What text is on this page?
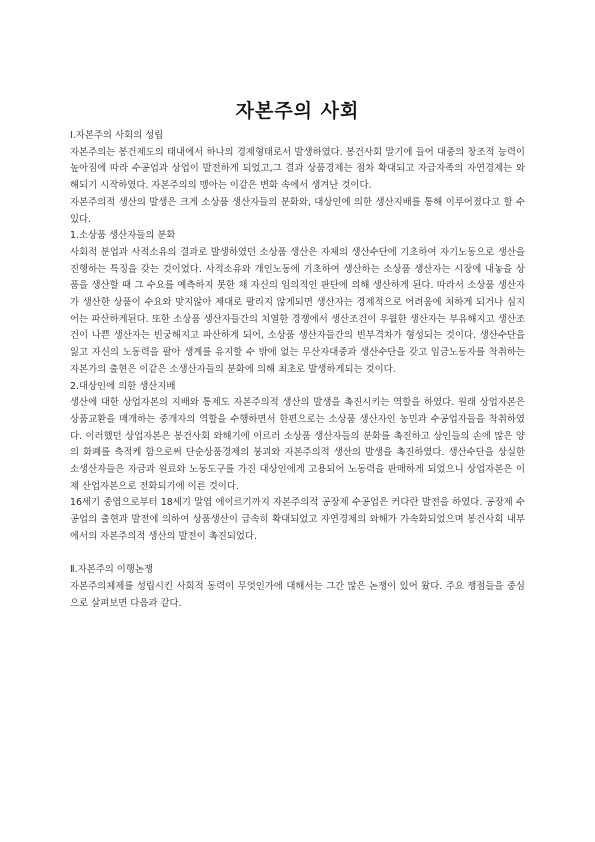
자본주의 사회

Ⅰ.자본주의 사회의 성립

자본주의는 봉건제도의 태내에서 하나의 경제형태로서 발생하였다. 봉건사회 말기에 들어 대중의 창조적 능력이 높아짐에 따라 수공업과 상업이 발전하게 되었고,그 결과 상품경제는 점차 확대되고 자급자족의 자연경제는 와해되기 시작하였다. 자본주의의 맹아는 이같은 변화 속에서 생겨난 것이다.

자본주의적 생산의 발생은 크게 소상품 생산자들의 분화와, 대상인에 의한 생산지배를 통해 이루어졌다고 할 수 있다.

1.소상품 생산자들의 분화

사회적 분업과 사적소유의 결과로 발생하였던 소상품 생산은 자체의 생산수단에 기초하여 자기노동으로 생산을 진행하는 특징을 갖는 것이었다. 사적소유와 개인노동에 기초하여 생산하는 소상품 생산자는 시장에 내놓을 상품을 생산할 때 그 수요를 예측하지 못한 채 자신의 임의적인 판단에 의해 생산하게 된다. 따라서 소상품 생산자가 생산한 상품이 수요와 맞지않아 제대로 팔리지 않게되면 생산자는 경제적으로 어려움에 처하게 되거나 심지어는 파산하게된다. 또한 소상품 생산자들간의 치열한 경쟁에서 생산조건이 우월한 생산자는 부유해지고 생산조건이 나쁜 생산자는 빈궁해지고 파산하게 되어, 소상품 생산자들간의 빈부격차가 형성되는 것이다. 생산수단을 잃고 자신의 노동력을 팔아 생계를 유지할 수 밖에 없는 무산자대중과 생산수단을 갖고 임금노동자를 착취하는 자본가의 출현은 이같은 소생산자들의 분화에 의해 최초로 발생하게되는 것이다.

2.대상인에 의한 생산지배

생산에 대한 상업자본의 지배와 통제도 자본주의적 생산의 발생을 촉진시키는 역할을 하였다. 원래 상업자본은 상품교환을 매개하는 중개자의 역할을 수행하면서 한편으로는 소상품 생산자인 농민과 수공업자들을 착취하였다. 이러했던 상업자본은 봉건사회 와해기에 이르러 소상품 생산자들의 분화를 촉진하고 상인들의 손에 많은 양의 화폐를 축적케 함으로써 단순상품경제의 붕괴와 자본주의적 생산의 발생을 촉진하였다. 생산수단을 상실한 소생산자들은 자금과 원료와 노동도구를 가진 대상인에게 고용되어 노동력을 판매하게 되었으니 상업자본은 이제 산업자본으로 전화되기에 이른 것이다.

16세기 중엽으로부터 18세기 말엽 에이르기까지 자본주의적 공장제 수공업은 커다란 발전을 하였다. 공장제 수공업의 출현과 발전에 의하여 상품생산이 급속히 확대되었고 자연경제의 와해가 가속화되었으며 봉건사회 내부에서의 자본주의적 생산의 발전이 촉진되었다.

Ⅱ.자본주의 이행논쟁

자본주의체제를 성립시킨 사회적 동력이 무엇인가에 대해서는 그간 많은 논쟁이 있어 왔다. 주요 쟁점들을 중심으로 살펴보면 다음과 같다.
